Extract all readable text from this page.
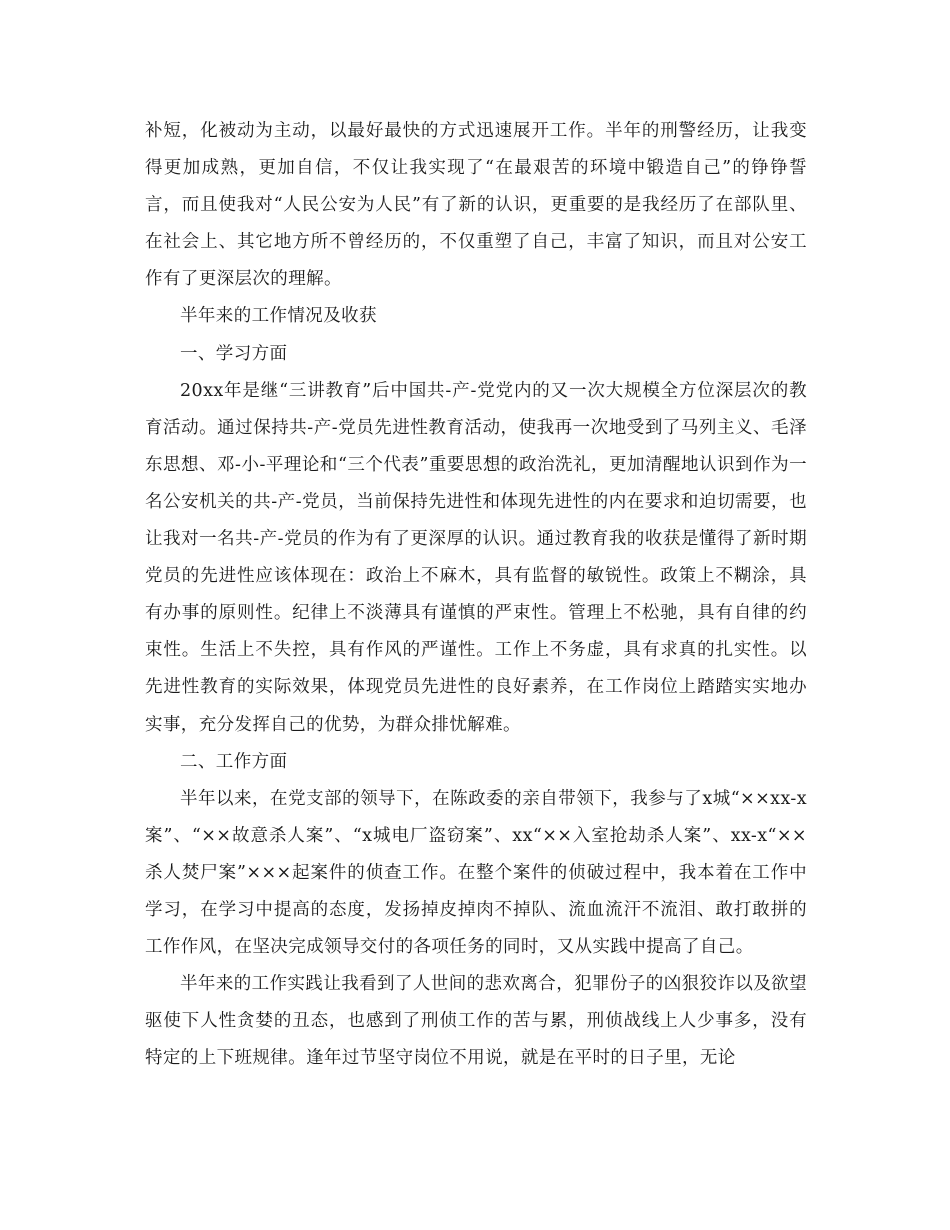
补短，化被动为主动，以最好最快的方式迅速展开工作。半年的刑警经历，让我变得更加成熟，更加自信，不仅让我实现了“在最艰苦的环境中锻造自己”的铮铮誓言，而且使我对“人民公安为人民”有了新的认识，更重要的是我经历了在部队里、在社会上、其它地方所不曾经历的，不仅重塑了自己，丰富了知识，而且对公安工作有了更深层次的理解。

半年来的工作情况及收获

一、学习方面

20xx年是继“三讲教育”后中国共-产-党党内的又一次大规模全方位深层次的教育活动。通过保持共-产-党员先进性教育活动，使我再一次地受到了马列主义、毛泽东思想、邓-小-平理论和“三个代表”重要思想的政治洗礼，更加清醒地认识到作为一名公安机关的共-产-党员，当前保持先进性和体现先进性的内在要求和迫切需要，也让我对一名共-产-党员的作为有了更深厚的认识。通过教育我的收获是懂得了新时期党员的先进性应该体现在：政治上不麻木，具有监督的敏锐性。政策上不糊涂，具有办事的原则性。纪律上不淡薄具有谨慎的严束性。管理上不松驰，具有自律的约束性。生活上不失控，具有作风的严谨性。工作上不务虚，具有求真的扎实性。以先进性教育的实际效果，体现党员先进性的良好素养，在工作岗位上踏踏实实地办实事，充分发挥自己的优势，为群众排忧解难。

二、工作方面

半年以来，在党支部的领导下，在陈政委的亲自带领下，我参与了x城“××xx-x案”、“××故意杀人案”、“x城电厂盗窃案”、xx“××入室抢劫杀人案”、xx-x“××杀人焚尸案”×××起案件的侦查工作。在整个案件的侦破过程中，我本着在工作中学习，在学习中提高的态度，发扬掉皮掉肉不掉队、流血流汗不流泪、敢打敢拼的工作作风，在坚决完成领导交付的各项任务的同时，又从实践中提高了自己。

半年来的工作实践让我看到了人世间的悲欢离合，犯罪份子的凶狠狡诈以及欲望驱使下人性贪婪的丑态，也感到了刑侦工作的苦与累，刑侦战线上人少事多，没有特定的上下班规律。逢年过节坚守岗位不用说，就是在平时的日子里，无论
